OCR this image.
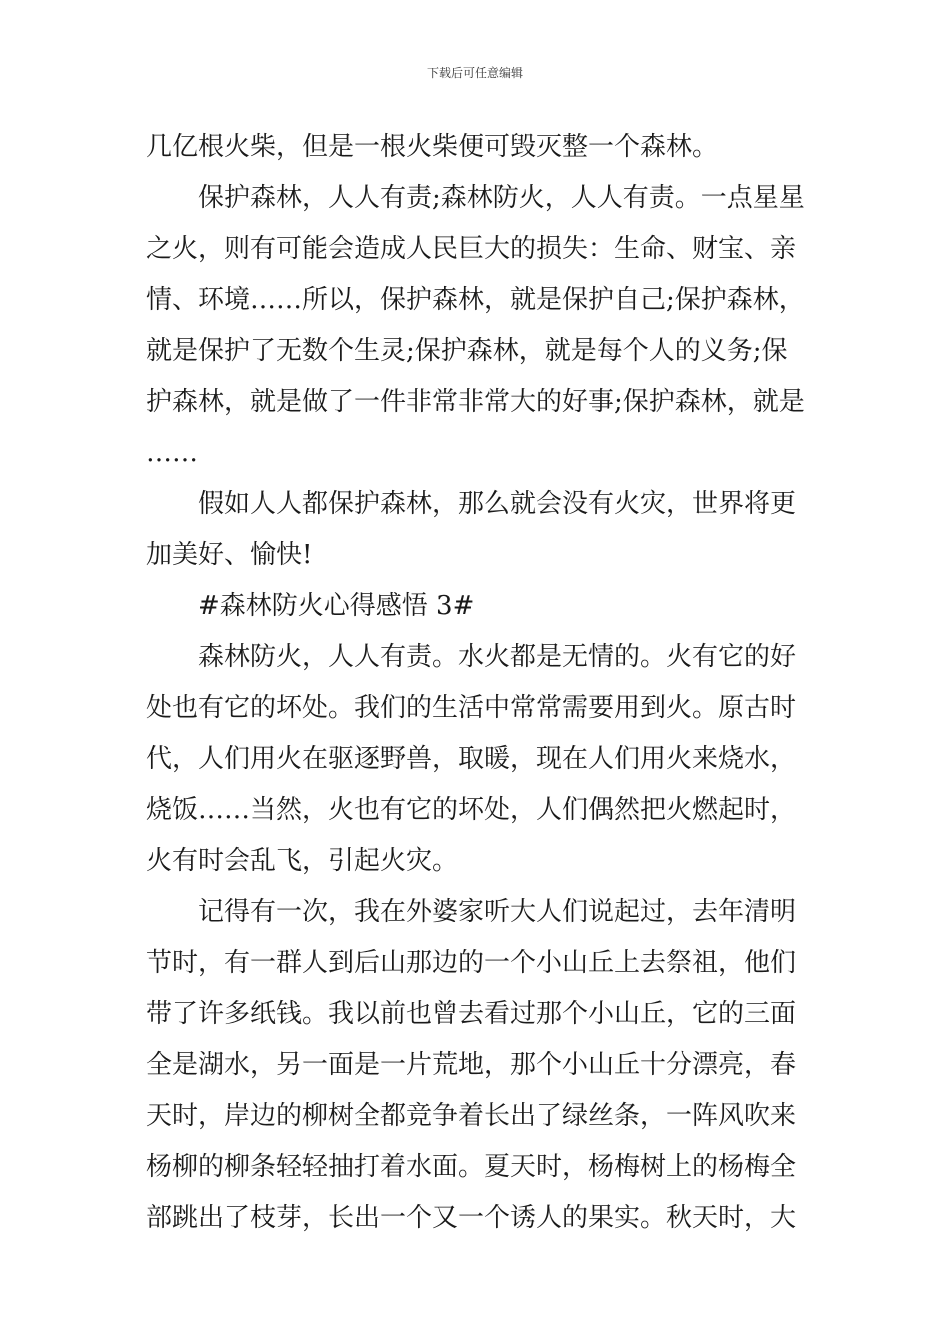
下载后可任意编辑
几亿根火柴，但是一根火柴便可毁灭整一个森林。
保护森林，人人有责;森林防火，人人有责。一点星星
之火，则有可能会造成人民巨大的损失：生命、财宝、亲
情、环境……所以，保护森林，就是保护自己;保护森林，
就是保护了无数个生灵;保护森林，就是每个人的义务;保
护森林，就是做了一件非常非常大的好事;保护森林，就是
……
假如人人都保护森林，那么就会没有火灾，世界将更
加美好、愉快!
#森林防火心得感悟 3#
森林防火，人人有责。水火都是无情的。火有它的好
处也有它的坏处。我们的生活中常常需要用到火。原古时
代，人们用火在驱逐野兽，取暖，现在人们用火来烧水，
烧饭……当然，火也有它的坏处，人们偶然把火燃起时，
火有时会乱飞，引起火灾。
记得有一次，我在外婆家听大人们说起过，去年清明
节时，有一群人到后山那边的一个小山丘上去祭祖，他们
带了许多纸钱。我以前也曾去看过那个小山丘，它的三面
全是湖水，另一面是一片荒地，那个小山丘十分漂亮，春
天时，岸边的柳树全都竞争着长出了绿丝条，一阵风吹来
杨柳的柳条轻轻抽打着水面。夏天时，杨梅树上的杨梅全
部跳出了枝芽，长出一个又一个诱人的果实。秋天时，大
